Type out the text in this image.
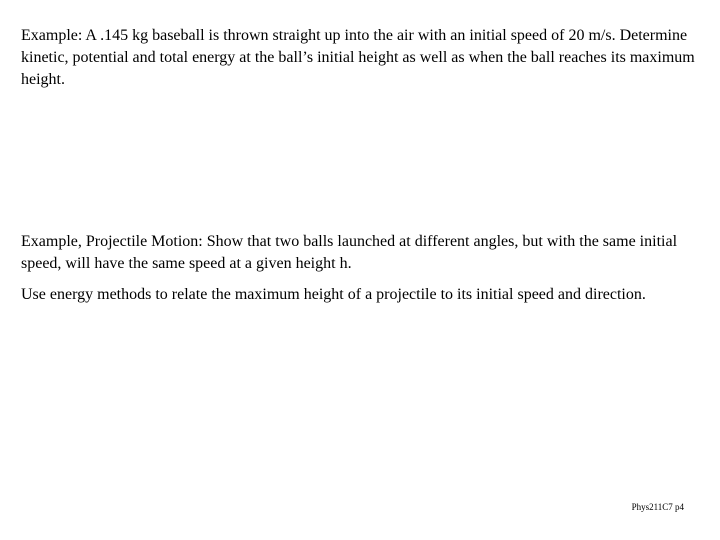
Example: A .145 kg baseball is thrown straight up into the air with an initial speed of 20 m/s. Determine kinetic, potential and total energy at the ball’s initial height as well as when the ball reaches its maximum height.

Example, Projectile Motion: Show that two balls launched at different angles, but with the same initial speed, will have the same speed at a given height h.

Use energy methods to relate the maximum height of a projectile to its initial speed and direction.

Phys211C7 p4
